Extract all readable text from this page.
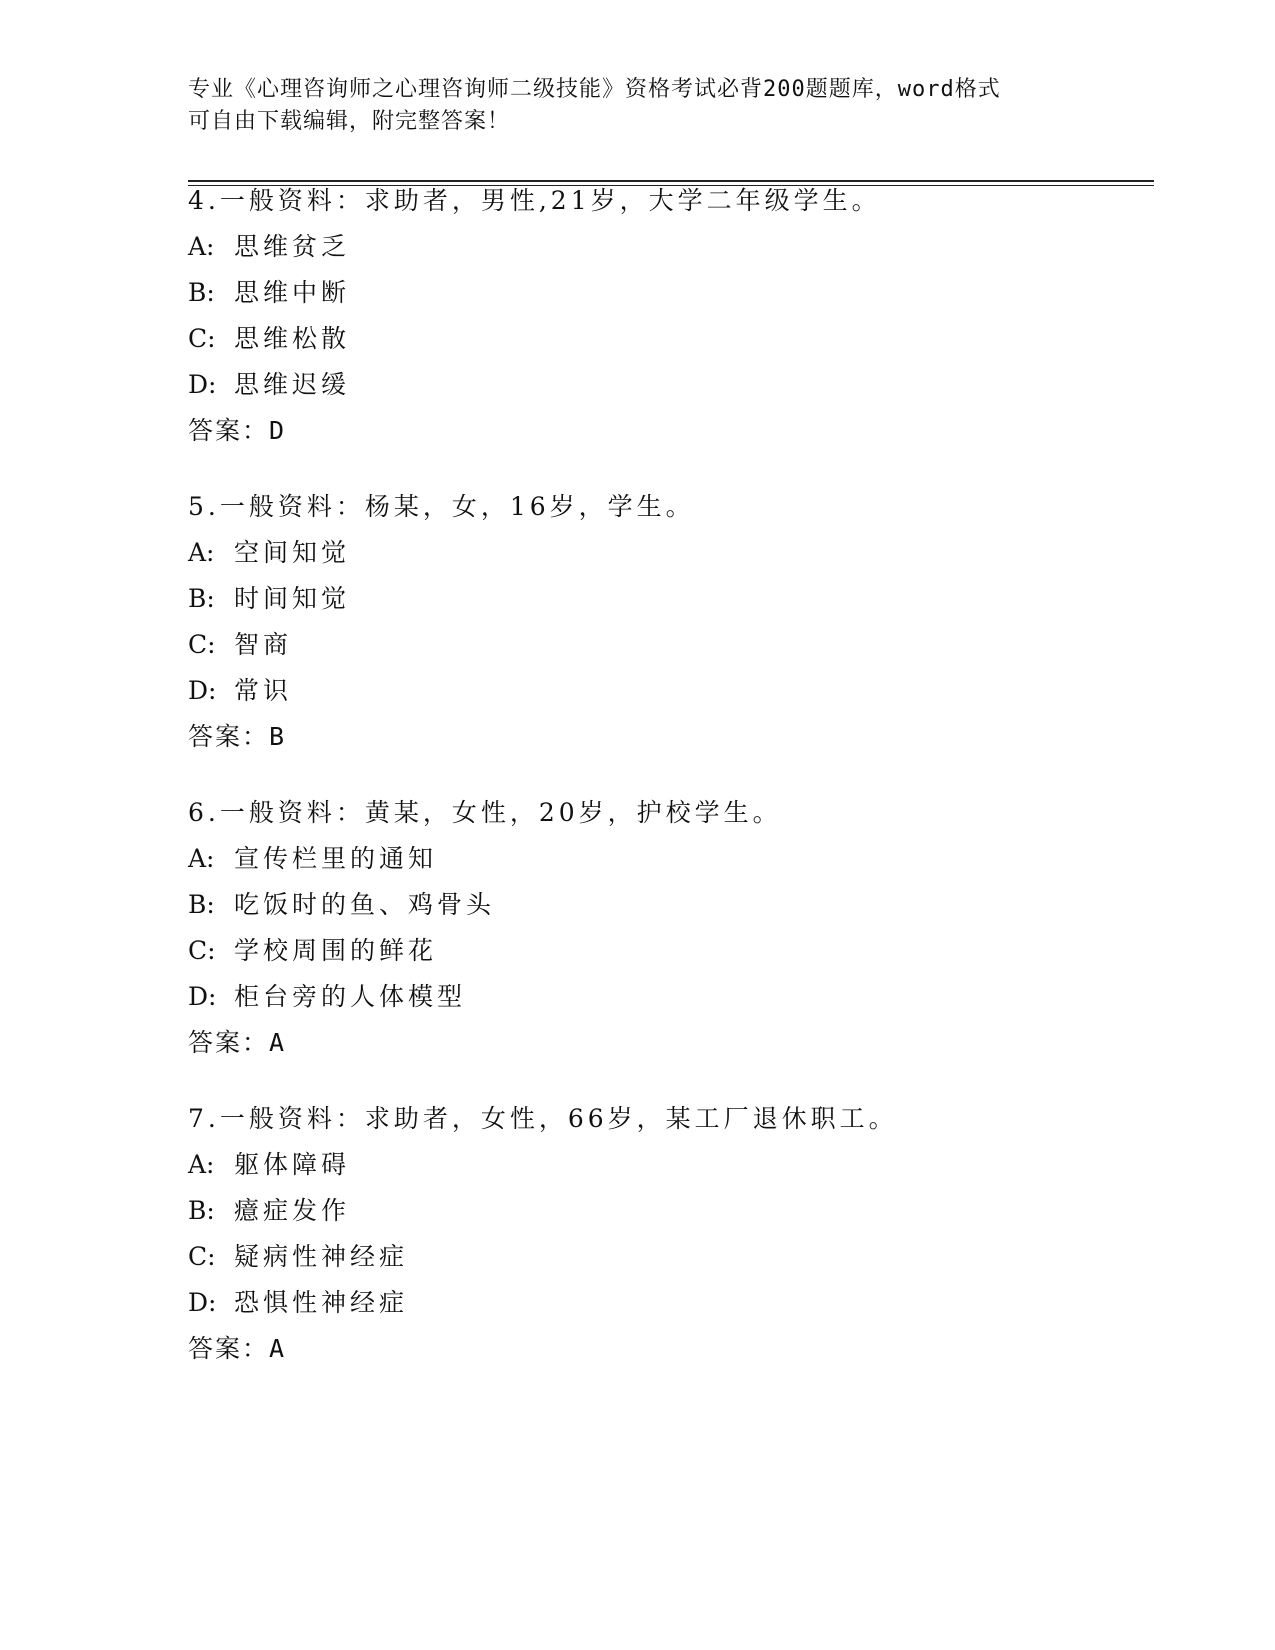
专业《心理咨询师之心理咨询师二级技能》资格考试必背200题题库，word格式
可自由下载编辑，附完整答案！
4.一般资料：求助者，男性,21岁，大学二年级学生。
A: 思维贫乏
B: 思维中断
C: 思维松散
D: 思维迟缓
答案：D
5.一般资料：杨某，女，16岁，学生。
A: 空间知觉
B: 时间知觉
C: 智商
D: 常识
答案：B
6.一般资料：黄某，女性，20岁，护校学生。
A: 宣传栏里的通知
B: 吃饭时的鱼、鸡骨头
C: 学校周围的鲜花
D: 柜台旁的人体模型
答案：A
7.一般资料：求助者，女性，66岁，某工厂退休职工。
A: 躯体障碍
B: 癔症发作
C: 疑病性神经症
D: 恐惧性神经症
答案：A
